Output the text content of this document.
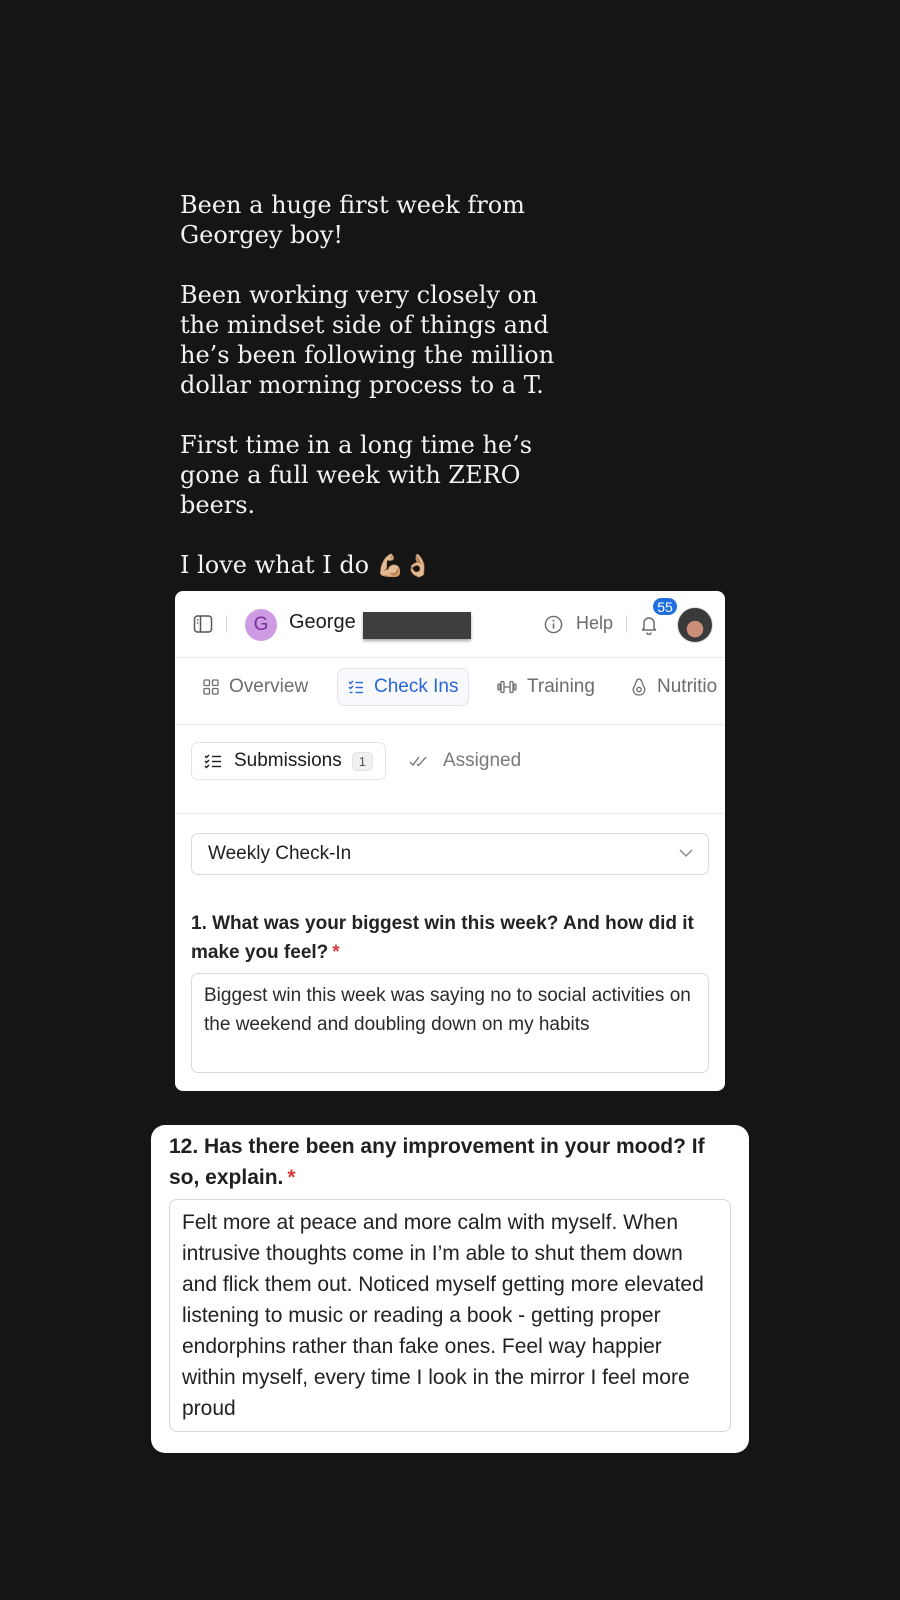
Been a huge first week from Georgey boy!

Been working very closely on the mindset side of things and he’s been following the million dollar morning process to a T.

First time in a long time he’s gone a full week with ZERO beers.

I love what I do 💪🏼👌🏼

G	George	Help
55
Overview	Check Ins	Training	Nutritio
Submissions	1	Assigned
Weekly Check-In
1. What was your biggest win this week? And how did it make you feel? *
Biggest win this week was saying no to social activities on the weekend and doubling down on my habits
12. Has there been any improvement in your mood? If so, explain. *
Felt more at peace and more calm with myself. When intrusive thoughts come in I’m able to shut them down and flick them out. Noticed myself getting more elevated listening to music or reading a book - getting proper endorphins rather than fake ones. Feel way happier within myself, every time I look in the mirror I feel more proud
